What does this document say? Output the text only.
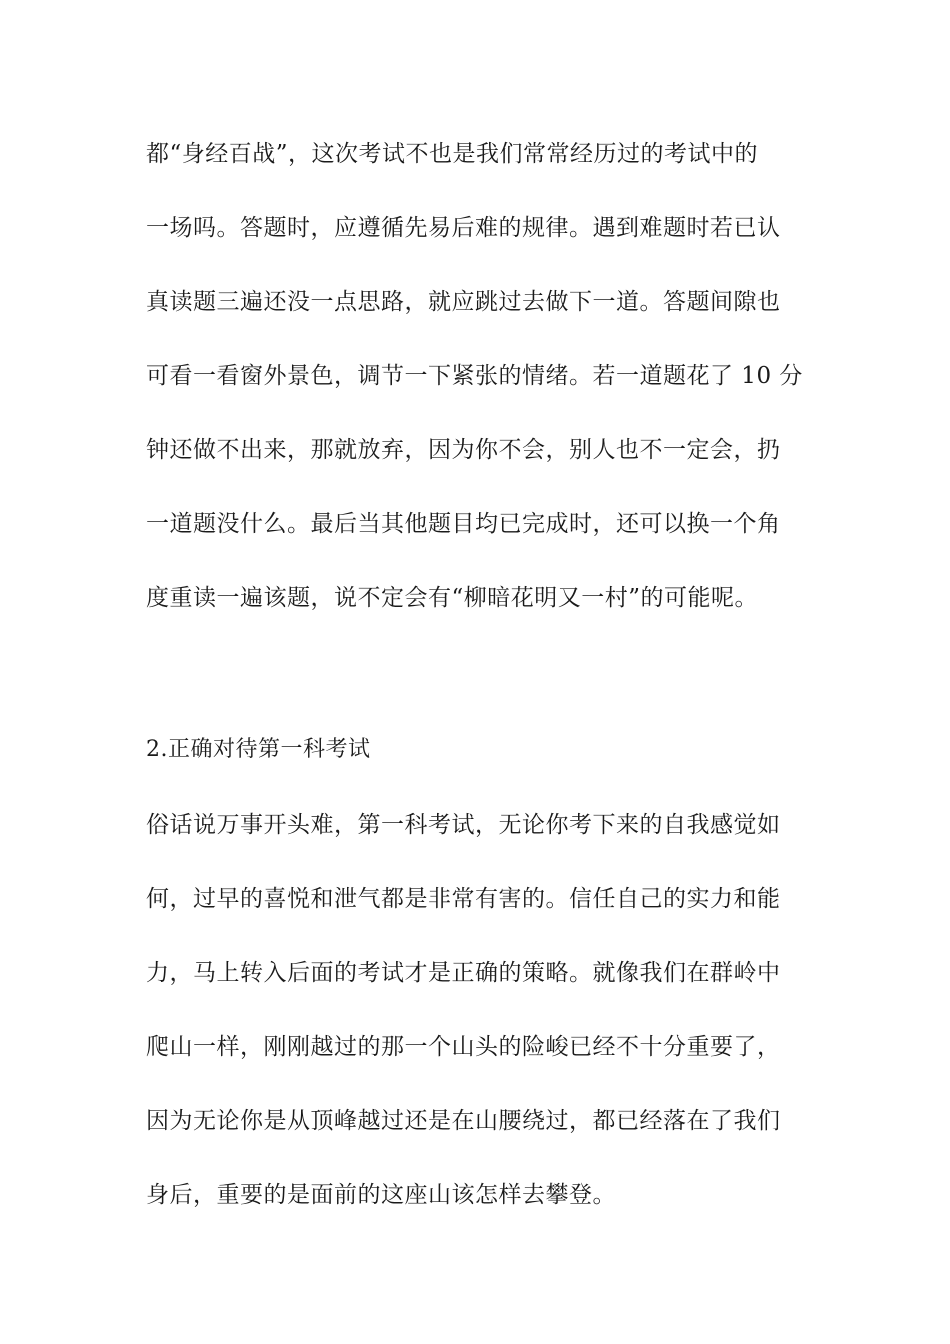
都“身经百战”，这次考试不也是我们常常经历过的考试中的
一场吗。答题时，应遵循先易后难的规律。遇到难题时若已认
真读题三遍还没一点思路，就应跳过去做下一道。答题间隙也
可看一看窗外景色，调节一下紧张的情绪。若一道题花了 10 分
钟还做不出来，那就放弃，因为你不会，别人也不一定会，扔
一道题没什么。最后当其他题目均已完成时，还可以换一个角
度重读一遍该题，说不定会有“柳暗花明又一村”的可能呢。
2.正确对待第一科考试
俗话说万事开头难，第一科考试，无论你考下来的自我感觉如
何，过早的喜悦和泄气都是非常有害的。信任自己的实力和能
力，马上转入后面的考试才是正确的策略。就像我们在群岭中
爬山一样，刚刚越过的那一个山头的险峻已经不十分重要了，
因为无论你是从顶峰越过还是在山腰绕过，都已经落在了我们
身后，重要的是面前的这座山该怎样去攀登。
